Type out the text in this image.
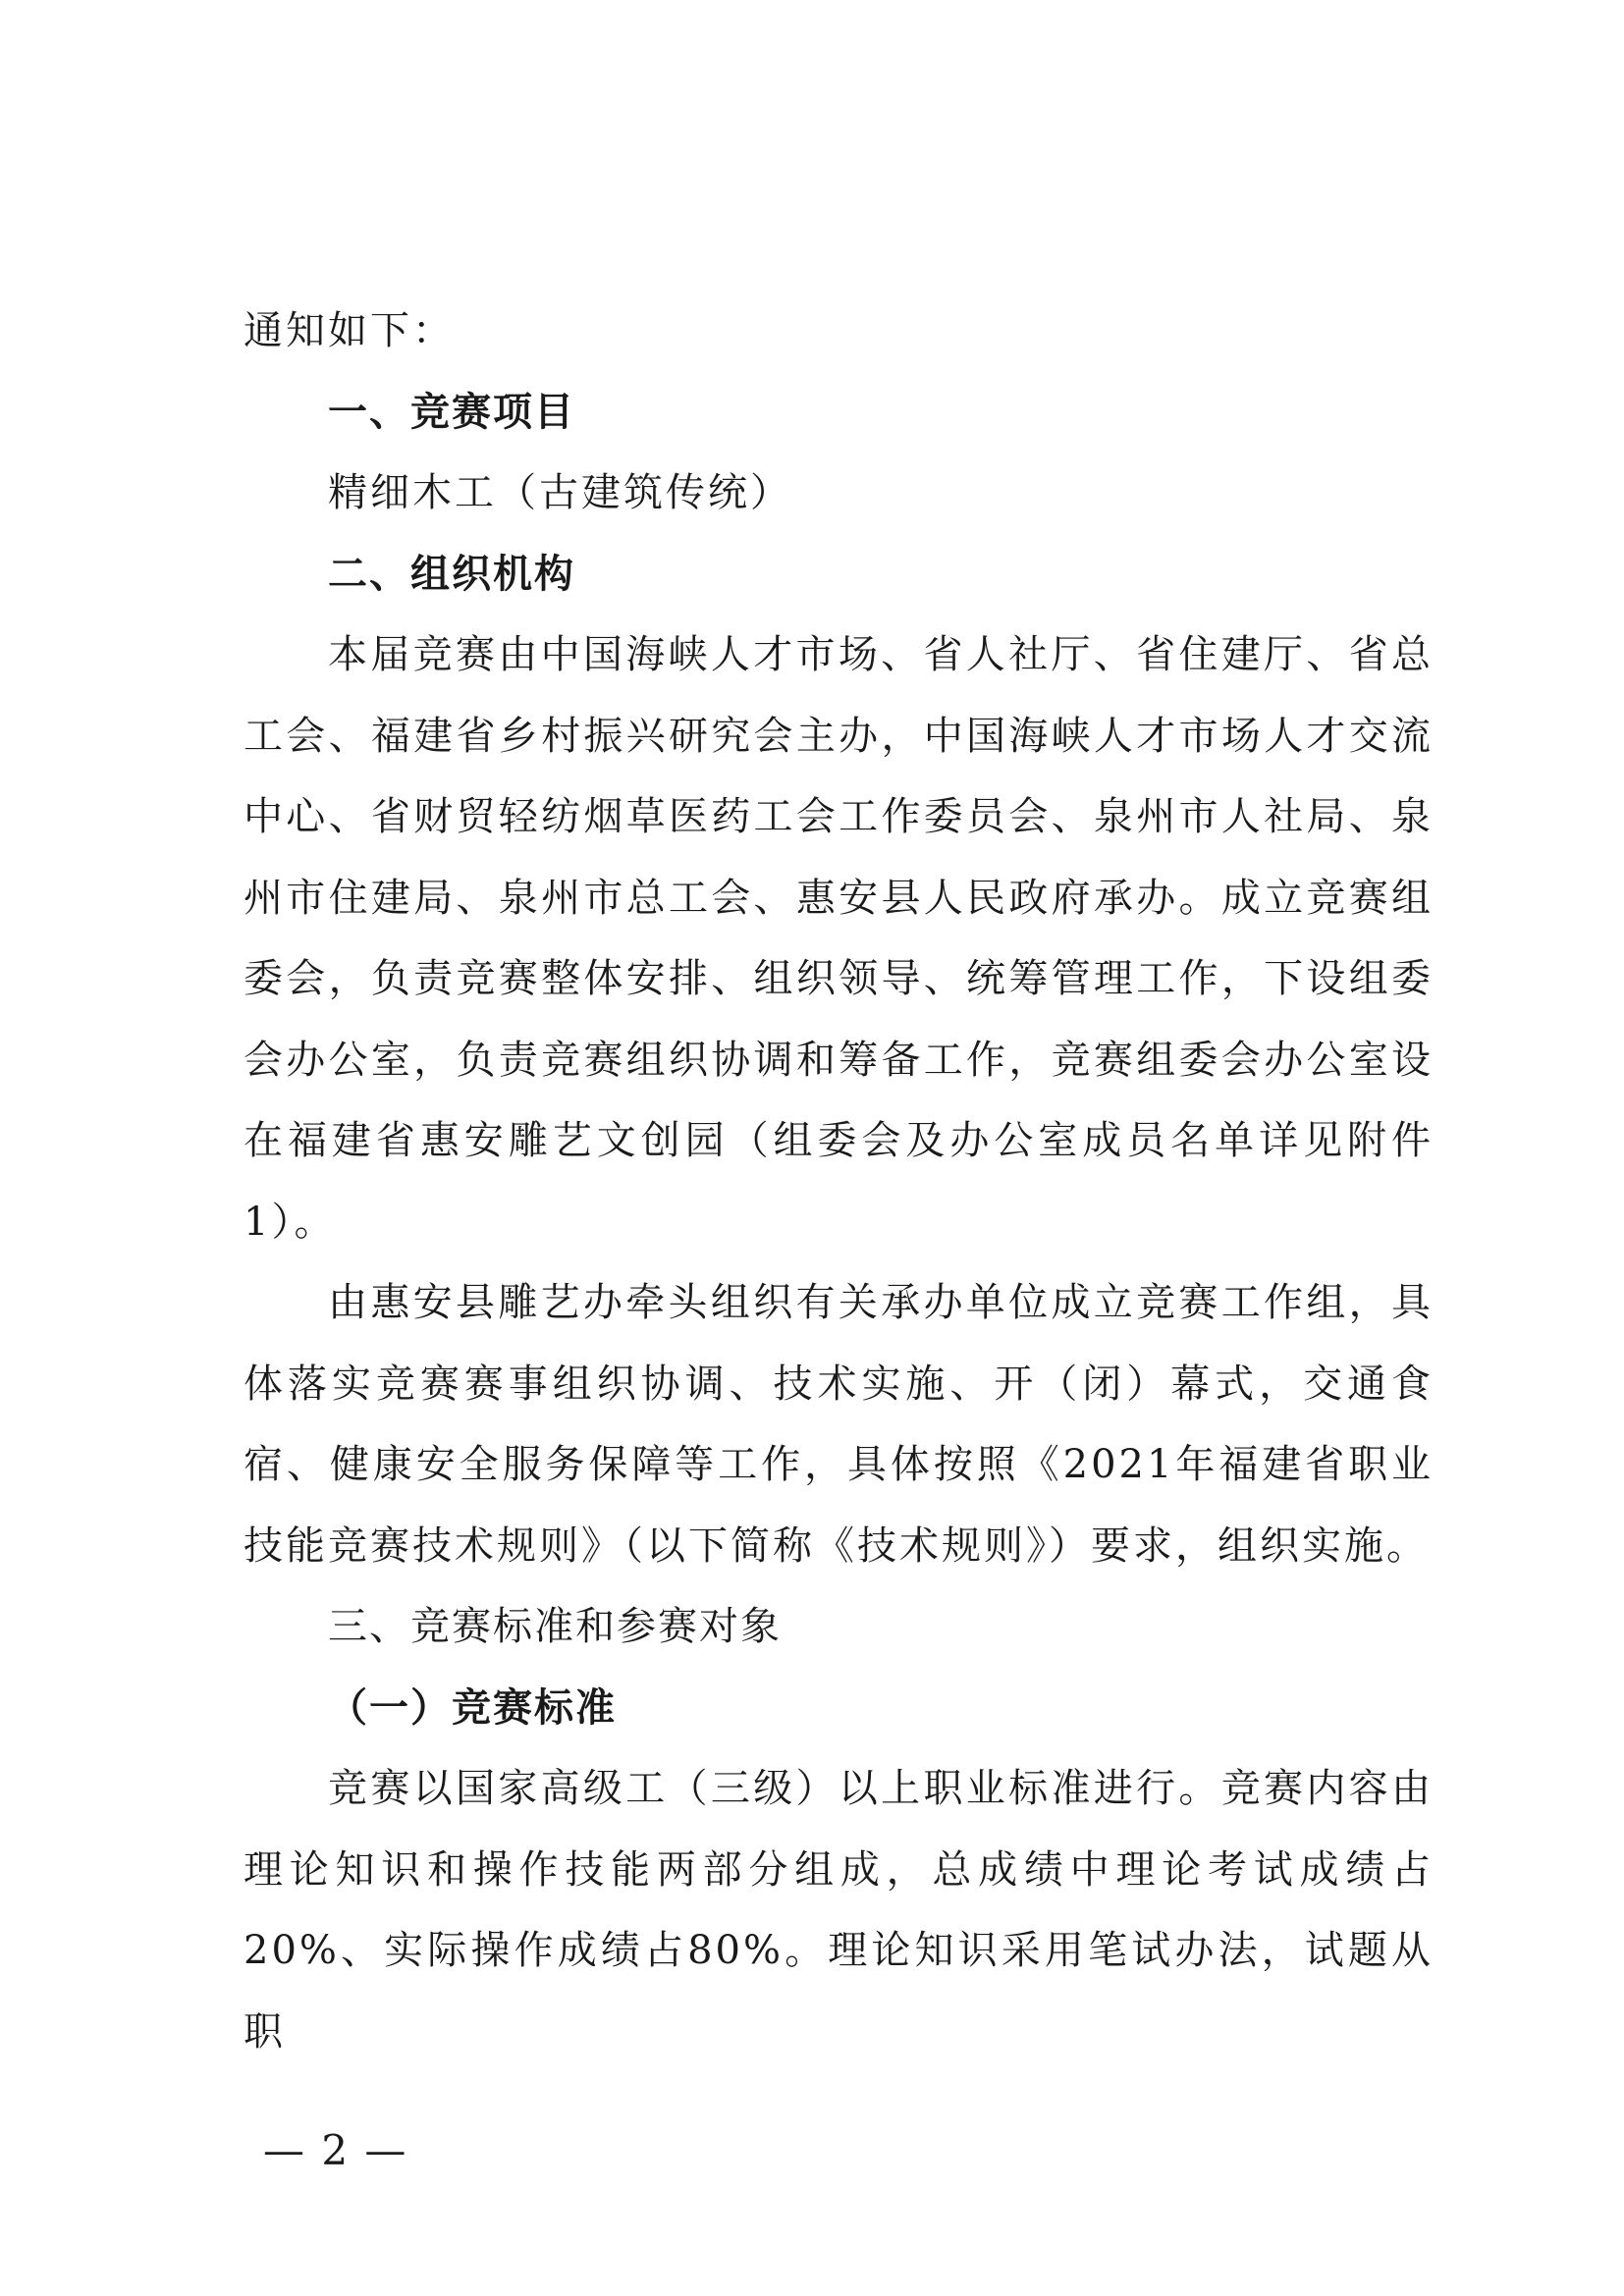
通知如下：

一、竞赛项目

精细木工（古建筑传统）

二、组织机构

本届竞赛由中国海峡人才市场、省人社厅、省住建厅、省总工会、福建省乡村振兴研究会主办，中国海峡人才市场人才交流中心、省财贸轻纺烟草医药工会工作委员会、泉州市人社局、泉州市住建局、泉州市总工会、惠安县人民政府承办。成立竞赛组委会，负责竞赛整体安排、组织领导、统筹管理工作，下设组委会办公室，负责竞赛组织协调和筹备工作，竞赛组委会办公室设在福建省惠安雕艺文创园（组委会及办公室成员名单详见附件1）。

由惠安县雕艺办牵头组织有关承办单位成立竞赛工作组，具体落实竞赛赛事组织协调、技术实施、开（闭）幕式，交通食宿、健康安全服务保障等工作，具体按照《2021年福建省职业技能竞赛技术规则》（以下简称《技术规则》）要求，组织实施。

三、竞赛标准和参赛对象

（一）竞赛标准

竞赛以国家高级工（三级）以上职业标准进行。竞赛内容由理论知识和操作技能两部分组成，总成绩中理论考试成绩占20%、实际操作成绩占80%。理论知识采用笔试办法，试题从职

— 2 —
